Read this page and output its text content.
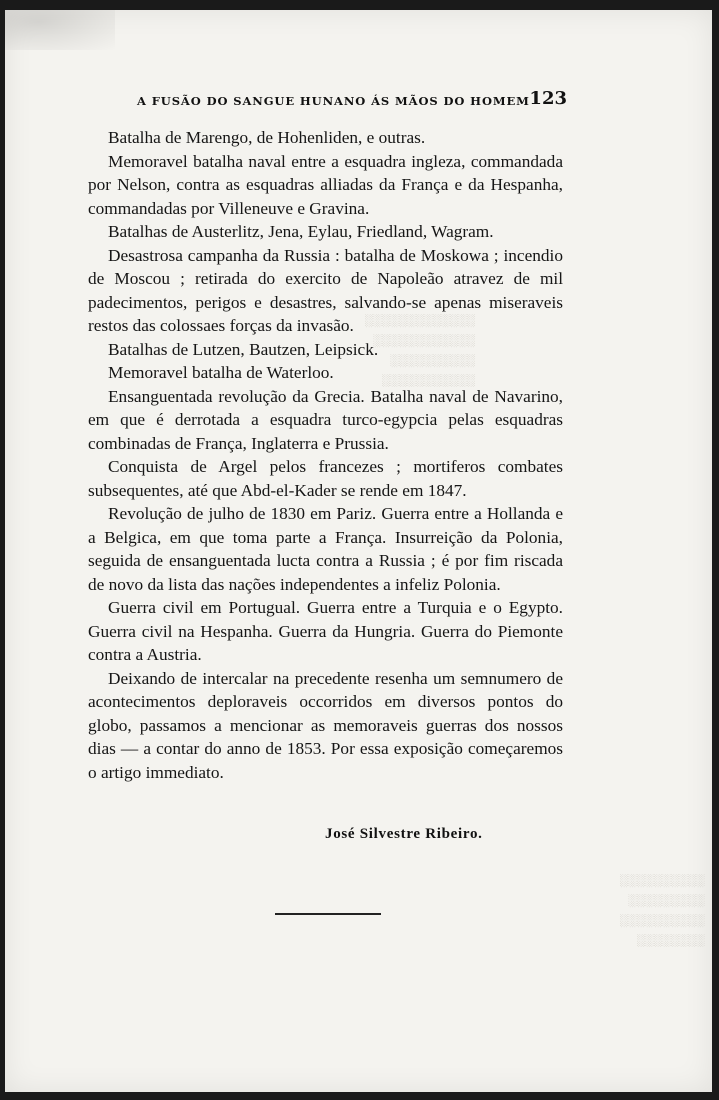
░░░░░░░░░░░░░
░░░░░░░░░░░░
░░░░░░░░░░
░░░░░░░░░░░
░░░░░░░░░░
░░░░░░░░░
░░░░░░░░░░
░░░░░░░░
A FUSÃO DO SANGUE HUNANO ÁS MÃOS DO HOMEM 123

Batalha de Marengo, de Hohenliden, e outras.

Memoravel batalha naval entre a esquadra ingleza, commandada por Nelson, contra as esquadras alliadas da França e da Hespanha, commandadas por Villeneuve e Gravina.

Batalhas de Austerlitz, Jena, Eylau, Friedland, Wagram.

Desastrosa campanha da Russia : batalha de Moskowa ; incendio de Moscou ; retirada do exercito de Napoleão atravez de mil padecimentos, perigos e desastres, salvando-se apenas miseraveis restos das colossaes forças da invasão.

Batalhas de Lutzen, Bautzen, Leipsick.

Memoravel batalha de Waterloo.

Ensanguentada revolução da Grecia. Batalha naval de Navarino, em que é derrotada a esquadra turco-egypcia pelas esquadras combinadas de França, Inglaterra e Prussia.

Conquista de Argel pelos francezes ; mortiferos combates subsequentes, até que Abd-el-Kader se rende em 1847.

Revolução de julho de 1830 em Pariz. Guerra entre a Hollanda e a Belgica, em que toma parte a França. Insurreição da Polonia, seguida de ensanguentada lucta contra a Russia ; é por fim riscada de novo da lista das nações independentes a infeliz Polonia.

Guerra civil em Portugual. Guerra entre a Turquia e o Egypto. Guerra civil na Hespanha. Guerra da Hungria. Guerra do Piemonte contra a Austria.

Deixando de intercalar na precedente resenha um semnumero de acontecimentos deploraveis occorridos em diversos pontos do globo, passamos a mencionar as memoraveis guerras dos nossos dias — a contar do anno de 1853. Por essa exposição começaremos o artigo immediato.

José Silvestre Ribeiro.
